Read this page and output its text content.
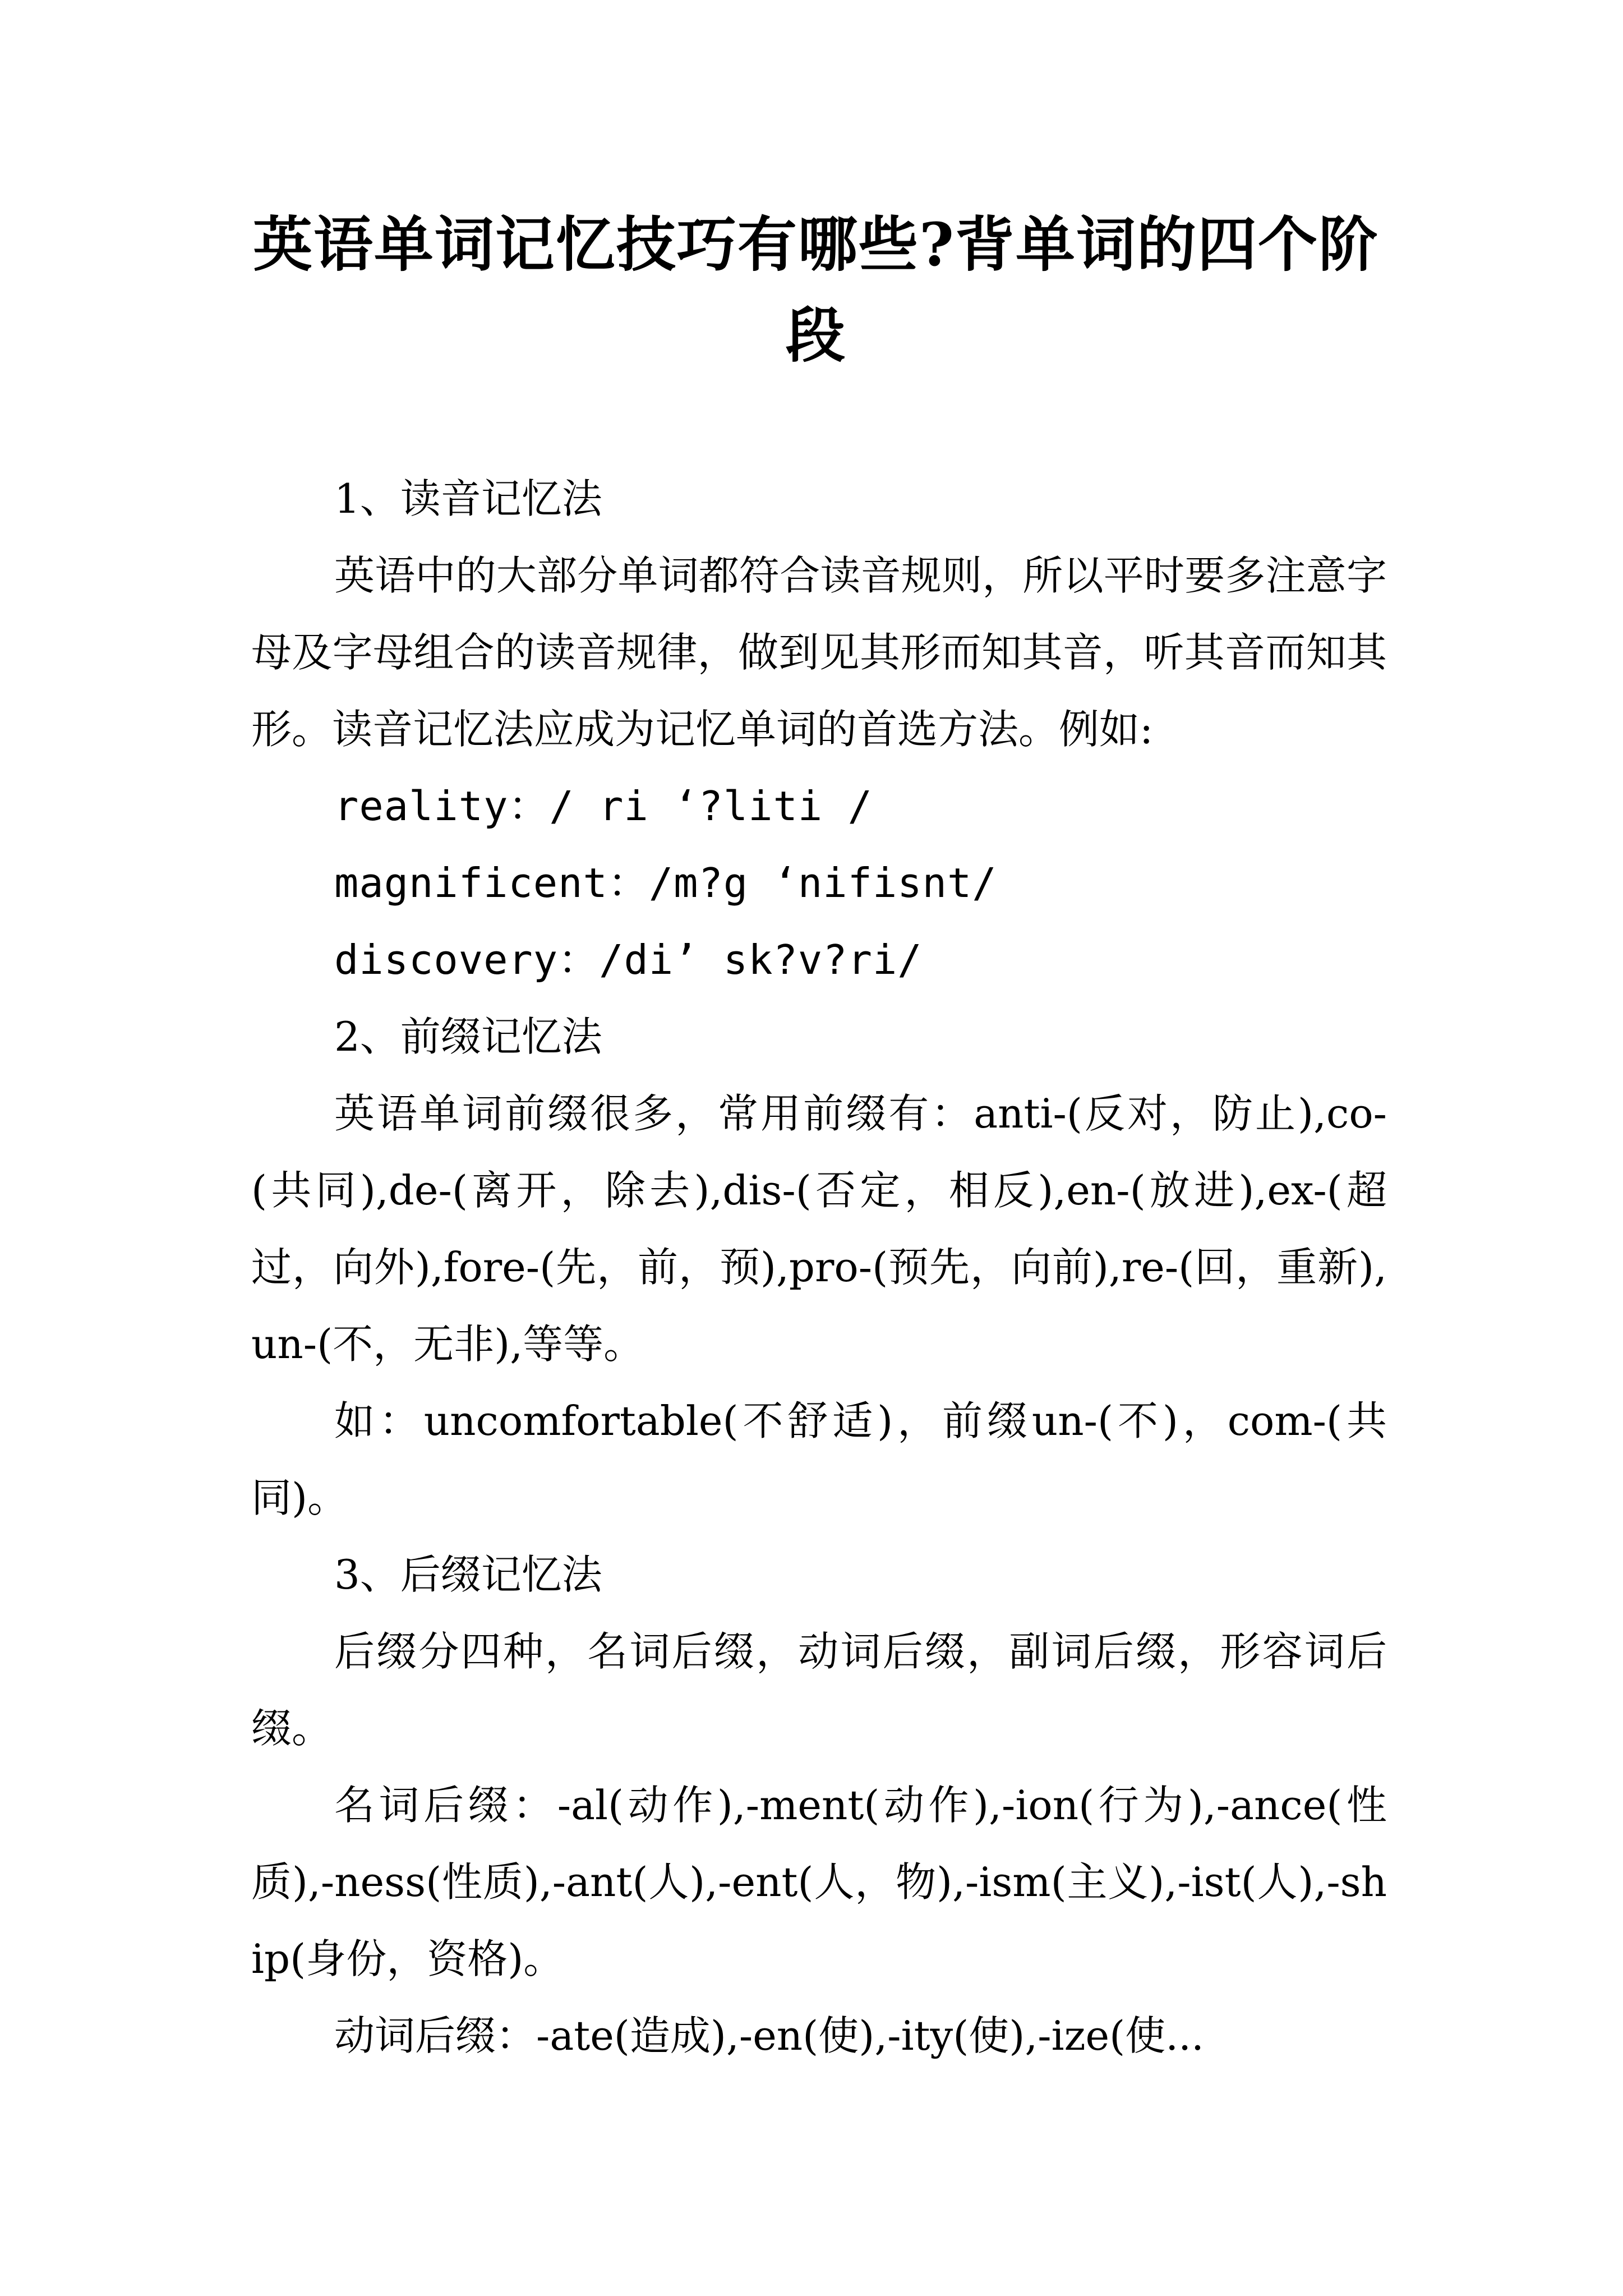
英语单词记忆技巧有哪些?背单词的四个阶段

1、读音记忆法

英语中的大部分单词都符合读音规则，所以平时要多注意字母及字母组合的读音规律，做到见其形而知其音，听其音而知其形。读音记忆法应成为记忆单词的首选方法。例如:

reality：/ ri ‘?liti /

magnificent：/m?g ‘nifisnt/

discovery：/di’ sk?v?ri/

2、前缀记忆法

英语单词前缀很多，常用前缀有：anti-(反对，防止),co-(共同),de-(离开，除去),dis-(否定，相反),en-(放进),ex-(超过，向外),fore-(先，前，预),pro-(预先，向前),re-(回，重新),un-(不，无非),等等。

如：uncomfortable(不舒适)，前缀un-(不)，com-(共同)。

3、后缀记忆法

后缀分四种，名词后缀，动词后缀，副词后缀，形容词后缀。

名词后缀：-al(动作),-ment(动作),-ion(行为),-ance(性质),-ness(性质),-ant(人),-ent(人，物),-ism(主义),-ist(人),-ship(身份，资格)。

动词后缀：-ate(造成),-en(使),-ity(使),-ize(使...
